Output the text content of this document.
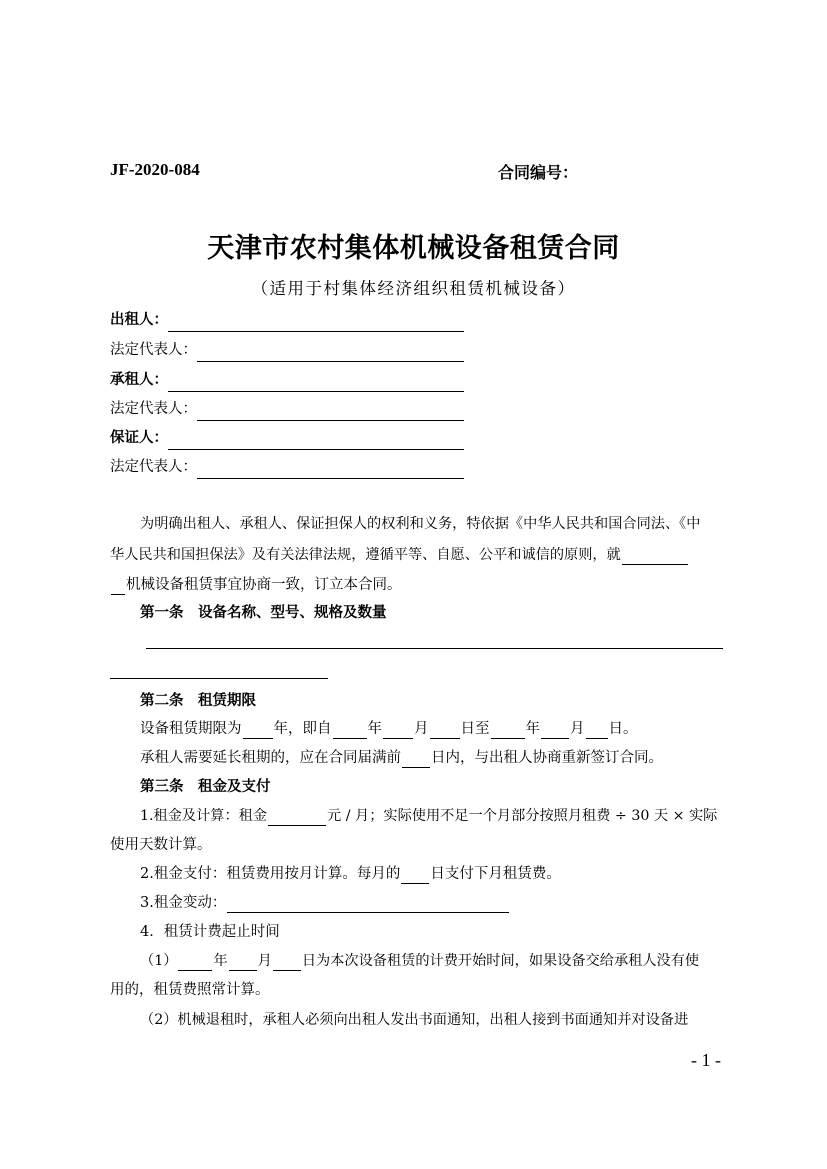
JF-2020-084	合同编号：
天津市农村集体机械设备租赁合同
（适用于村集体经济组织租赁机械设备）
出租人：
法定代表人：
承租人：
法定代表人：
保证人：
法定代表人：
为明确出租人、承租人、保证担保人的权利和义务，特依据《中华人民共和国合同法、《中
华人民共和国担保法》及有关法律法规，遵循平等、自愿、公平和诚信的原则，就
机械设备租赁事宜协商一致，订立本合同。
第一条　设备名称、型号、规格及数量
第二条　租赁期限
设备租赁期限为 年，即自 年 月 日至 年 月 日。
承租人需要延长租期的，应在合同届满前 日内，与出租人协商重新签订合同。
第三条　租金及支付
1.租金及计算：租金	元 / 月；实际使用不足一个月部分按照月租费 ÷ 30 天 × 实际
使用天数计算。
2.租金支付：租赁费用按月计算。每月的 日支付下月租赁费。
3.租金变动：
4．租赁计费起止时间
（1）	年 月 日为本次设备租赁的计费开始时间，如果设备交给承租人没有使
用的，租赁费照常计算。
（2）机械退租时，承租人必须向出租人发出书面通知，出租人接到书面通知并对设备进
- 1 -
